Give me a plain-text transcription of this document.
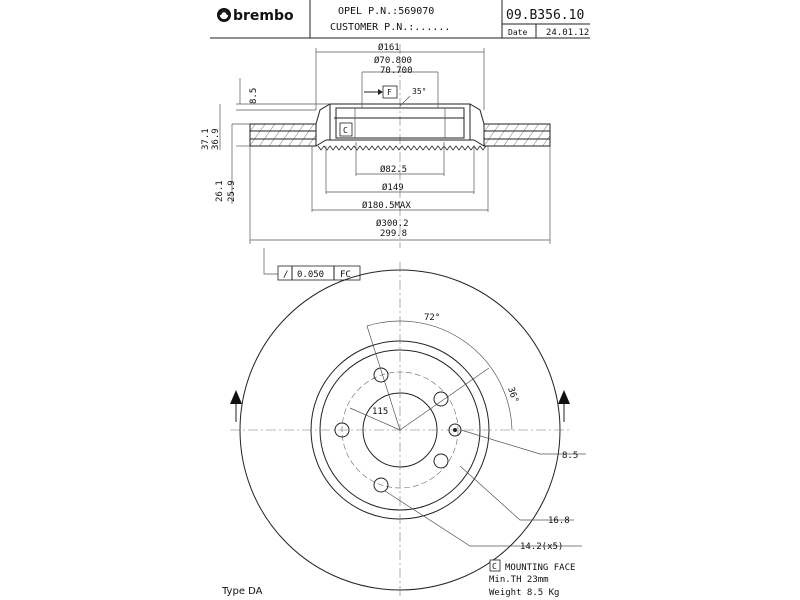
brembo	OPEL P.N.:569070
CUSTOMER P.N.:......
09.B356.10
Date 24.01.12
Ø161
Ø70.800
70.700
F	35°
C
Ø82.5
Ø149
Ø180.5MAX
Ø300.2
299.8
8.5
37.1 36.9
26.1 25.9
/ 0.050 FC
72°
36°
115
8.5
16.8
14.2(x5)
C MOUNTING FACE
Min.TH 23mm
Weight 8.5 Kg
Type DA
